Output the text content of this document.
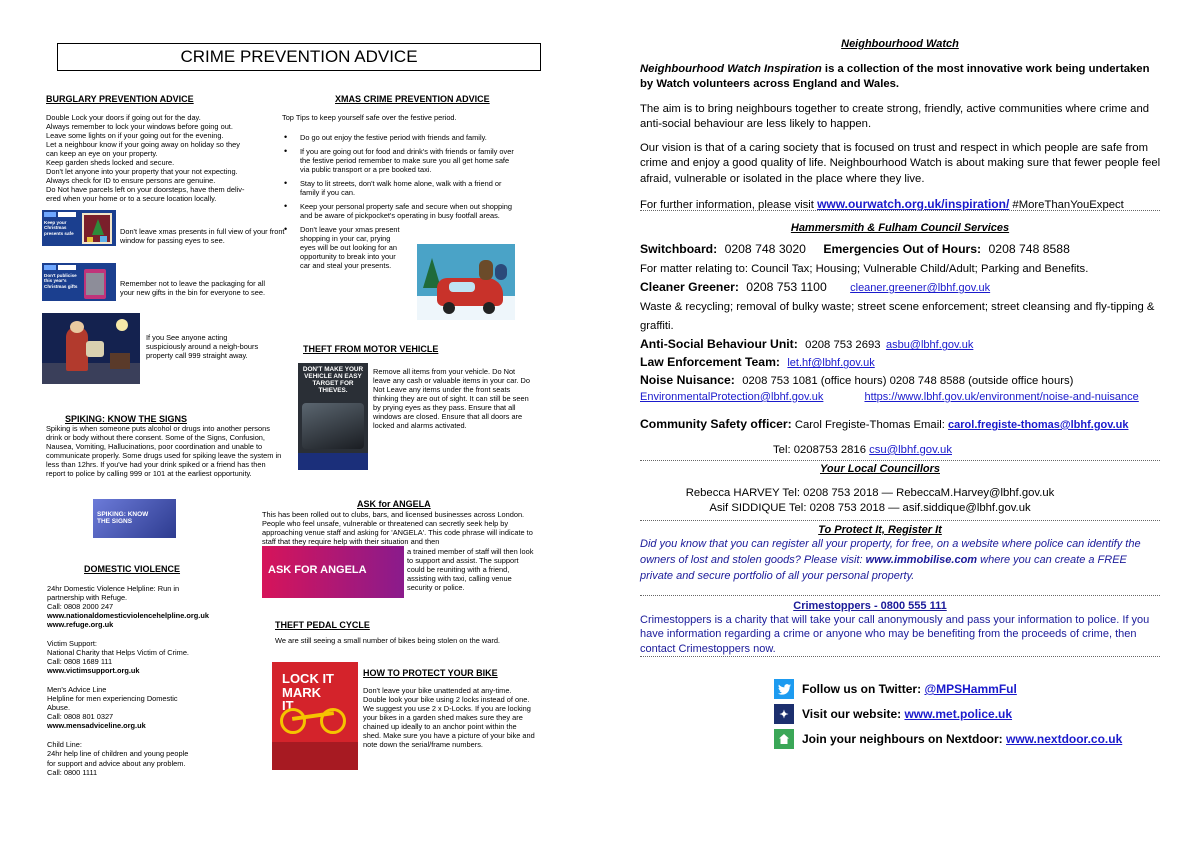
CRIME PREVENTION ADVICE
BURGLARY PREVENTION ADVICE
Double Lock your doors if going out for the day.
Always remember to lock your windows before going out.
Leave some lights on if your going out for the evening.
Let a neighbour know if your going away on holiday so they
can keep an eye on your property.
Keep garden sheds locked and secure.
Don't let anyone into your property that your not expecting.
Always check for ID to ensure persons are genuine.
Do Not have parcels left on your doorsteps, have them deliv-
ered when your home or to a secure location locally.
Keep your Christmas presents safe	Don't leave xmas presents in full view of your front window for passing eyes to see.
Don't publicise this year's Christmas gifts	Remember not to leave the packaging for all your new gifts in the bin for everyone to see.
If you See anyone acting suspiciously around a neigh-bours property call 999 straight away.
SPIKING: KNOW THE SIGNS
Spiking is when someone puts alcohol or drugs into another persons drink or body without there consent. Some of the Signs, Confusion, Nausea, Vomiting, Hallucinations, poor coordination and unable to communicate properly. Some drugs used for spiking leave the system in less than 12hrs. If you've had your drink spiked or a friend has then report to police by calling 999 or 101 at the earliest opportunity.
SPIKING: KNOW THE SIGNS
DOMESTIC VIOLENCE
24hr Domestic Violence Helpline: Run in
partnership with Refuge.
Call: 0808 2000 247
www.nationaldomesticviolencehelpline.org.uk
www.refuge.org.uk
Victim Support:
National Charity that Helps Victim of Crime.
Call: 0808 1689 111
www.victimsupport.org.uk
Men's Advice Line
Helpline for men experiencing Domestic
Abuse.
Call: 0808 801 0327
www.mensadviceline.org.uk
Child Line:
24hr help line of children and young people
for support and advice about any problem.
Call: 0800 1111
XMAS CRIME PREVENTION ADVICE
Top Tips to keep yourself safe over the festive period.
• Do go out enjoy the festive period with friends and family.
• If you are going out for food and drink's with friends or family over the festive period remember to make sure you all get home safe via public transport or a pre booked taxi.
• Stay to lit streets, don't walk home alone, walk with a friend or family if you can.
• Keep your personal property safe and secure when out shopping and be aware of pickpocket's operating in busy footfall areas.
• Don't leave your xmas present shopping in your car, prying eyes will be out looking for an opportunity to break into your car and steal your presents.
THEFT FROM MOTOR VEHICLE
DON'T MAKE YOUR VEHICLE AN EASY TARGET FOR THIEVES.
Remove all items from your vehicle. Do Not leave any cash or valuable items in your car. Do Not Leave any items under the front seats thinking they are out of sight. It can still be seen by prying eyes as they pass. Ensure that all windows are closed. Ensure that all doors are locked and alarms activated.
ASK for ANGELA
This has been rolled out to clubs, bars, and licensed businesses across London. People who feel unsafe, vulnerable or threatened can secretly seek help by approaching venue staff and asking for 'ANGELA'. This code phrase will indicate to staff that they require help with their situation and then
ASK FOR ANGELA
a trained member of staff will then look to support and assist. The support could be reuniting with a friend, assisting with taxi, calling venue security or police.
THEFT PEDAL CYCLE
We are still seeing a small number of bikes being stolen on the ward.
LOCK IT MARK IT
HOW TO PROTECT YOUR BIKE
Don't leave your bike unattended at any-time. Double look your bike using 2 locks instead of one. We suggest you use 2 x D-Locks. If you are locking your bikes in a garden shed makes sure they are chained up ideally to an anchor point within the shed. Make sure you have a picture of your bike and note down the serial/frame numbers.
Neighbourhood Watch

Neighbourhood Watch Inspiration is a collection of the most innovative work being undertaken by Watch volunteers across England and Wales.

The aim is to bring neighbours together to create strong, friendly, active communities where crime and anti-social behaviour are less likely to happen.

Our vision is that of a caring society that is focused on trust and respect in which people are safe from crime and enjoy a good quality of life. Neighbourhood Watch is about making sure that fewer people feel afraid, vulnerable or isolated in the place where they live.

For further information, please visit www.ourwatch.org.uk/inspiration/ #MoreThanYouExpect

Hammersmith & Fulham Council Services
Switchboard: 0208 748 3020 Emergencies Out of Hours: 0208 748 8588
For matter relating to: Council Tax; Housing; Vulnerable Child/Adult; Parking and Benefits.
Cleaner Greener: 0208 753 1100 cleaner.greener@lbhf.gov.uk
Waste & recycling; removal of bulky waste; street scene enforcement; street cleansing and fly-tipping & graffiti.
Anti-Social Behaviour Unit: 0208 753 2693 asbu@lbhf.gov.uk
Law Enforcement Team: let.hf@lbhf.gov.uk
Noise Nuisance: 0208 753 1081 (office hours) 0208 748 8588 (outside office hours)
EnvironmentalProtection@lbhf.gov.uk	https://www.lbhf.gov.uk/environment/noise-and-nuisance
Community Safety officer: Carol Fregiste-Thomas Email: carol.fregiste-thomas@lbhf.gov.uk
Tel: 0208753 2816 csu@lbhf.gov.uk
Your Local Councillors
Rebecca HARVEY Tel: 0208 753 2018 — RebeccaM.Harvey@lbhf.gov.uk
Asif SIDDIQUE Tel: 0208 753 2018 — asif.siddique@lbhf.gov.uk
To Protect It, Register It
Did you know that you can register all your property, for free, on a website where police can identify the owners of lost and stolen goods? Please visit: www.immobilise.com where you can create a FREE private and secure portfolio of all your personal property.
Crimestoppers - 0800 555 111
Crimestoppers is a charity that will take your call anonymously and pass your information to police. If you have information regarding a crime or anyone who may be benefiting from the proceeds of crime, then contact Crimestoppers now.
Follow us on Twitter: @MPSHammFul
✦	Visit our website: www.met.police.uk
Join your neighbours on Nextdoor: www.nextdoor.co.uk
